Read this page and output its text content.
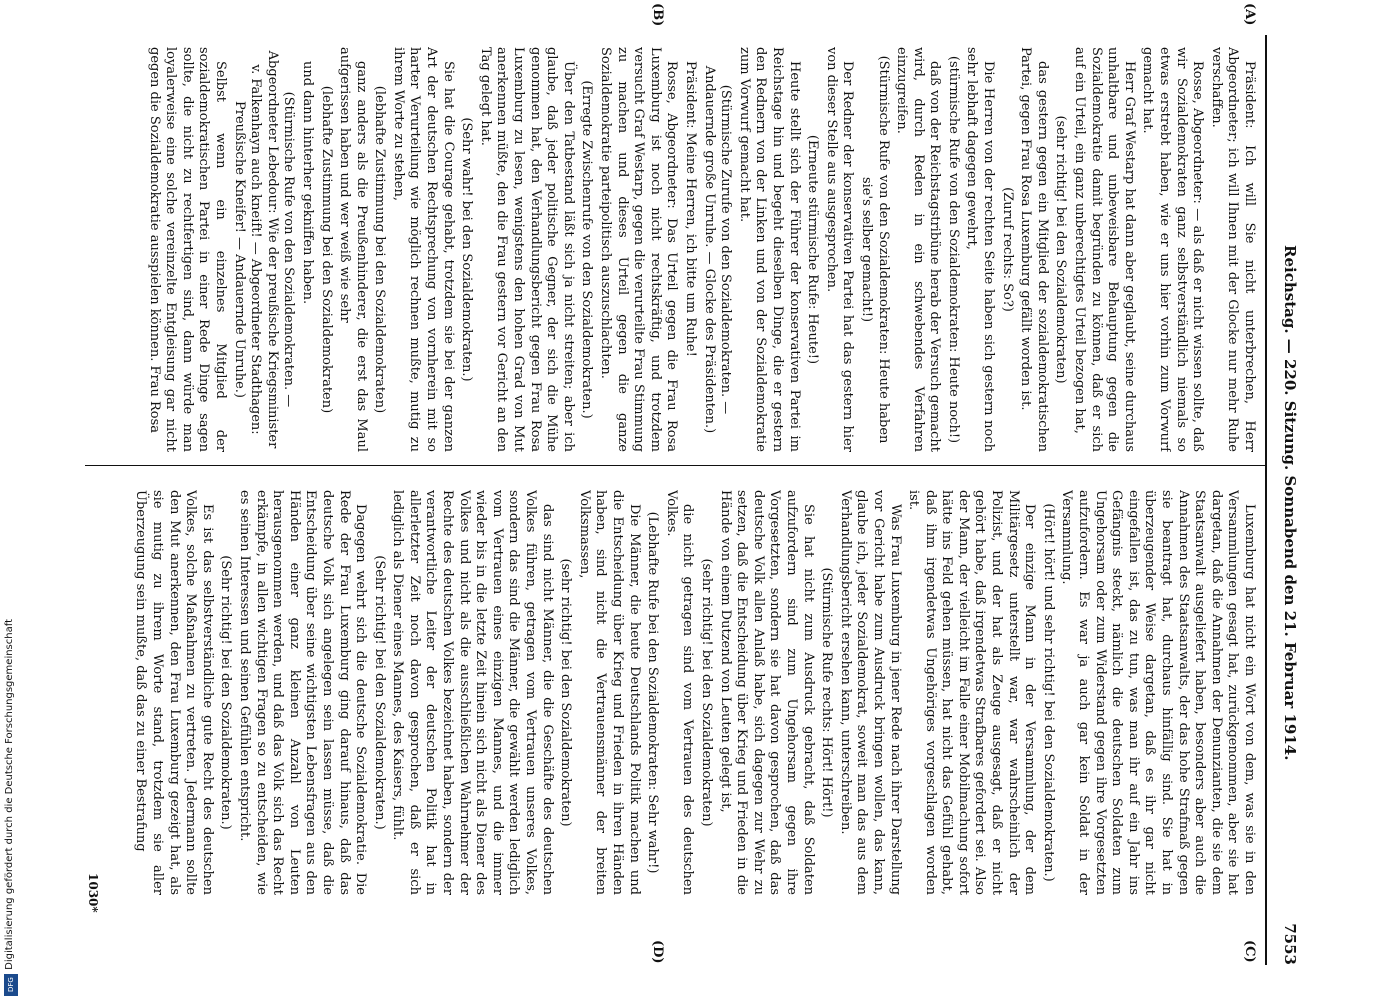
Digitalisierung gefördert durch die Deutsche Forschungsgemeinschaft
DFG
Reichstag. — 220. Sitzung. Sonnabend den 21. Februar 1914.
7553
(A)
(B)
(C)
(D)

Präsident: Ich will Sie nicht unterbrechen, Herr Abgeordneter; ich will Ihnen mit der Glocke nur mehr Ruhe verschaffen.

Rosse, Abgeordneter: — als daß er nicht wissen sollte, daß wir Sozialdemokraten ganz selbstverständlich niemals so etwas erstrebt haben, wie er uns hier vorhin zum Vorwurf gemacht hat.

Herr Graf Westarp hat dann aber geglaubt, seine durchaus unhaltbare und unbeweisbare Behauptung gegen die Sozialdemokratie damit begründen zu können, daß er sich auf ein Urteil, ein ganz unberechtigtes Urteil bezogen hat,

(sehr richtig! bei den Sozialdemokraten)

das gestern gegen ein Mitglied der sozialdemokratischen Partei, gegen Frau Rosa Luxemburg gefällt worden ist.

(Zuruf rechts: So?)

Die Herren von der rechten Seite haben sich gestern noch sehr lebhaft dagegen gewehrt,

(stürmische Rufe von den Sozialdemokraten: Heute noch!)

daß von der Reichstagstribüne herab der Versuch gemacht wird, durch Reden in ein schwebendes Verfahren einzugreifen.

(Stürmische Rufe von den Sozialdemokraten: Heute haben sie's selber gemacht!)

Der Redner der konservativen Partei hat das gestern hier von dieser Stelle aus ausgesprochen.

(Erneute stürmische Rufe: Heute!)

Heute stellt sich der Führer der konservativen Partei im Reichstage hin und begeht dieselben Dinge, die er gestern den Rednern von der Linken und von der Sozialdemokratie zum Vorwurf gemacht hat.

(Stürmische Zurufe von den Sozialdemokraten. — Andauernde große Unruhe. — Glocke des Präsidenten.)

Präsident: Meine Herren, ich bitte um Ruhe!

Rosse, Abgeordneter: Das Urteil gegen die Frau Rosa Luxemburg ist noch nicht rechtskräftig, und trotzdem versucht Graf Westarp, gegen die verurteilte Frau Stimmung zu machen und dieses Urteil gegen die ganze Sozialdemokratie parteipolitisch auszuschlachten.

(Erregte Zwischenrufe von den Sozialdemokraten.)

Über den Tatbestand läßt sich ja nicht streiten; aber ich glaube, daß jeder politische Gegner, der sich die Mühe genommen hat, den Verhandlungsbericht gegen Frau Rosa Luxemburg zu lesen, wenigstens den hohen Grad von Mut anerkennen müßte, den die Frau gestern vor Gericht an den Tag gelegt hat.

(Sehr wahr! bei den Sozialdemokraten.)

Sie hat die Courage gehabt, trotzdem sie bei der ganzen Art der deutschen Rechtsprechung von vornherein mit so harter Verurteilung wie möglich rechnen mußte, mutig zu ihrem Worte zu stehen,

(lebhafte Zustimmung bei den Sozialdemokraten)

ganz anders als die Preußenhinderer, die erst das Maul aufgerissen haben und wer weiß wie sehr

(lebhafte Zustimmung bei den Sozialdemokraten)

und dann hinterher gekniffen haben.

(Stürmische Rufe von den Sozialdemokraten. — Abgeordneter Lebedour: Wie der preußische Kriegsminister v. Falkenhayn auch kneift! — Abgeordneter Stadthagen: Preußische Kneifer! — Andauernde Unruhe.)

Selbst wenn ein einzelnes Mitglied der sozialdemokratischen Partei in einer Rede Dinge sagen sollte, die nicht zu rechtfertigen sind, dann würde man loyalerweise eine solche vereinzelte Entgleisung gar nicht gegen die Sozialdemokratie ausspielen können. Frau Rosa

Luxemburg hat nicht ein Wort von dem, was sie in den Versammlungen gesagt hat, zurückgenommen, aber sie hat dargetan, daß die Annahmen der Denunzianten, die sie dem Staatsanwalt ausgeliefert haben, besonders aber auch die Annahmen des Staatsanwalts, der das hohe Strafmaß gegen sie beantragt hat, durchaus hinfällig sind. Sie hat in überzeugender Weise dargetan, daß es ihr gar nicht eingefallen ist, das zu tun, was man ihr auf ein Jahr ins Gefängnis steckt, nämlich die deutschen Soldaten zum Ungehorsam oder zum Widerstand gegen ihre Vorgesetzten aufzufordern. Es war ja auch gar kein Soldat in der Versammlung.

(Hört! hört! und sehr richtig! bei den Sozialdemokraten.)

Der einzige Mann in der Versammlung, der dem Militärgesetz unterstellt war, war wahrscheinlich der Polizist, und der hat als Zeuge ausgesagt, daß er nicht gehört habe, daß irgendetwas Strafbares gefordert sei. Also der Mann, der vielleicht im Falle einer Mobilmachung sofort hätte ins Feld gehen müssen, hat nicht das Gefühl gehabt, daß ihm irgendetwas Ungehöriges vorgeschlagen worden ist.

Was Frau Luxemburg in jener Rede nach ihrer Darstellung vor Gericht habe zum Ausdruck bringen wollen, das kann, glaube ich, jeder Sozialdemokrat, soweit man das aus dem Verhandlungsbericht ersehen kann, unterschreiben.

(Stürmische Rufe rechts: Hört! Hört!)

Sie hat nicht zum Ausdruck gebracht, daß Soldaten aufzufordern sind zum Ungehorsam gegen ihre Vorgesetzten, sondern sie hat davon gesprochen, daß das deutsche Volk allen Anlaß habe, sich dagegen zur Wehr zu setzen, daß die Entscheidung über Krieg und Frieden in die Hände von einem Dutzend von Leuten gelegt ist,

(sehr richtig! bei den Sozialdemokraten)

die nicht getragen sind vom Vertrauen des deutschen Volkes.

(Lebhafte Rufe bei den Sozialdemokraten: Sehr wahr!)

Die Männer, die heute Deutschlands Politik machen und die Entscheidung über Krieg und Frieden in ihren Händen haben, sind nicht die Vertrauensmänner der breiten Volksmassen,

(sehr richtig! bei den Sozialdemokraten)

das sind nicht Männer, die die Geschäfte des deutschen Volkes führen, getragen vom Vertrauen unseres Volkes, sondern das sind die Männer, die gewählt werden lediglich vom Vertrauen eines einzigen Mannes, und die immer wieder bis in die letzte Zeit hinein sich nicht als Diener des Volkes und nicht als die ausschließlichen Wahrnehmer der Rechte des deutschen Volkes bezeichnet haben, sondern der verantwortliche Leiter der deutschen Politik hat in allerletzter Zeit noch davon gesprochen, daß er sich lediglich als Diener eines Mannes, des Kaisers, fühlt.

(Sehr richtig! bei den Sozialdemokraten.)

Dagegen wehrt sich die deutsche Sozialdemokratie. Die Rede der Frau Luxemburg ging darauf hinaus, daß das deutsche Volk sich angelegen sein lassen müsse, daß die Entscheidung über seine wichtigsten Lebensfragen aus den Händen einer ganz kleinen Anzahl von Leuten herausgenommen werden, und daß das Volk sich das Recht erkämpfe, in allen wichtigen Fragen so zu entscheiden, wie es seinen Interessen und seinen Gefühlen entspricht.

(Sehr richtig! bei den Sozialdemokraten.)

Es ist das selbstverständliche gute Recht des deutschen Volkes, solche Maßnahmen zu vertreten. Jedermann sollte den Mut anerkennen, den Frau Luxemburg gezeigt hat, als sie mutig zu ihrem Worte stand, trotzdem sie aller Überzeugung sein mußte, daß das zu einer Bestrafung

1030*
